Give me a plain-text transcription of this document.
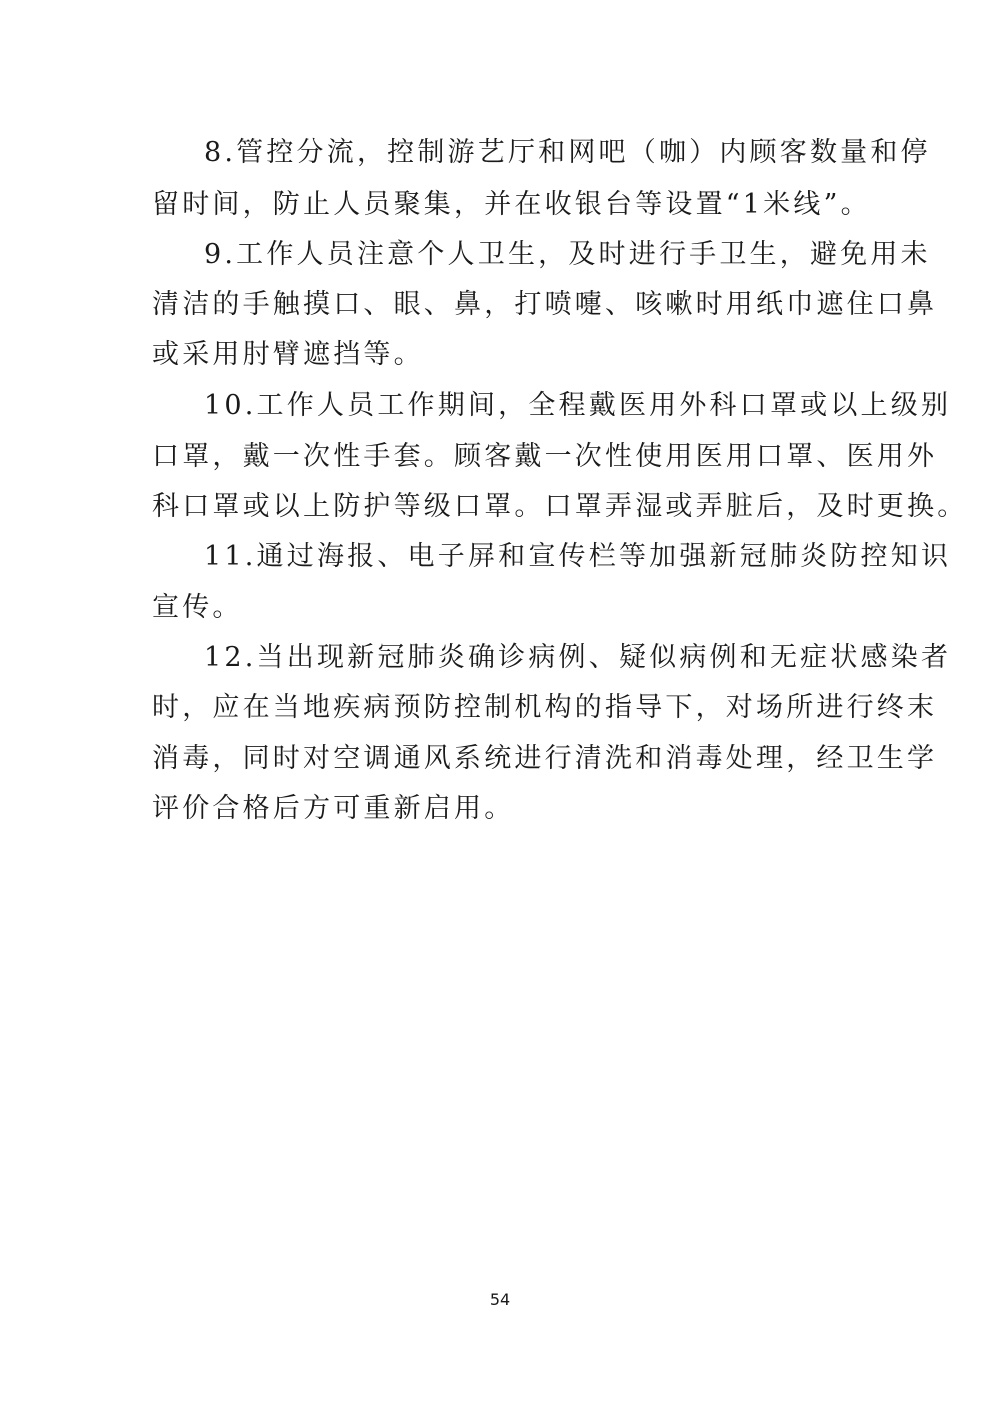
8.管控分流，控制游艺厅和网吧（咖）内顾客数量和停
留时间，防止人员聚集，并在收银台等设置“1米线”。
9.工作人员注意个人卫生，及时进行手卫生，避免用未
清洁的手触摸口、眼、鼻，打喷嚏、咳嗽时用纸巾遮住口鼻
或采用肘臂遮挡等。
10.工作人员工作期间，全程戴医用外科口罩或以上级别
口罩，戴一次性手套。顾客戴一次性使用医用口罩、医用外
科口罩或以上防护等级口罩。口罩弄湿或弄脏后，及时更换。
11.通过海报、电子屏和宣传栏等加强新冠肺炎防控知识
宣传。
12.当出现新冠肺炎确诊病例、疑似病例和无症状感染者
时，应在当地疾病预防控制机构的指导下，对场所进行终末
消毒，同时对空调通风系统进行清洗和消毒处理，经卫生学
评价合格后方可重新启用。
54
